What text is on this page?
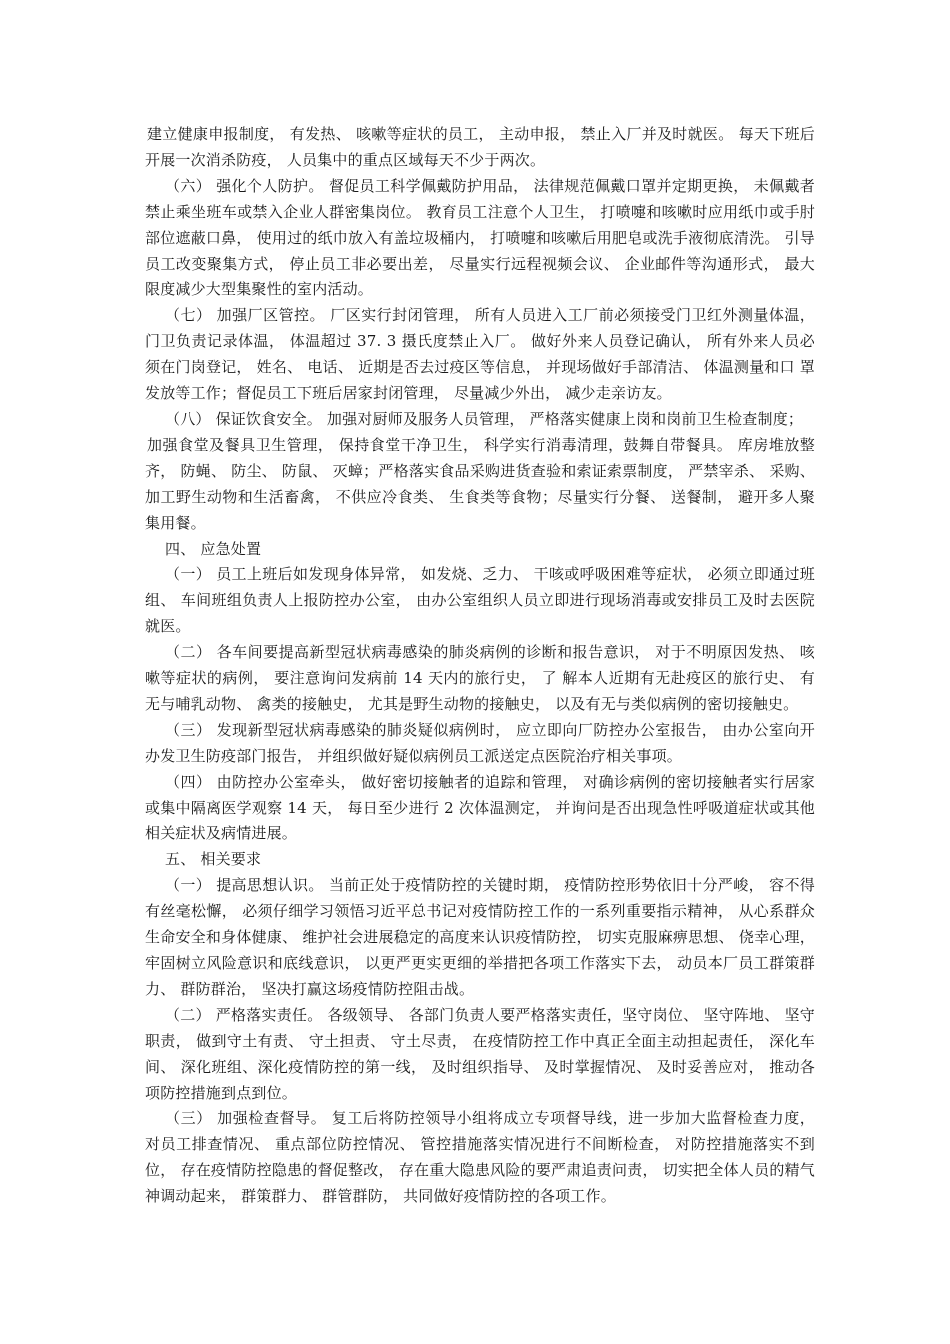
建立健康申报制度， 有发热、 咳嗽等症状的员工， 主动申报， 禁止入厂并及时就医。 每天下班后开展一次消杀防疫， 人员集中的重点区域每天不少于两次。

（六） 强化个人防护。 督促员工科学佩戴防护用品， 法律规范佩戴口罩并定期更换， 未佩戴者禁止乘坐班车或禁入企业人群密集岗位。 教育员工注意个人卫生， 打喷嚏和咳嗽时应用纸巾或手肘部位遮蔽口鼻， 使用过的纸巾放入有盖垃圾桶内， 打喷嚏和咳嗽后用肥皂或洗手液彻底清洗。 引导员工改变聚集方式， 停止员工非必要出差， 尽量实行远程视频会议、 企业邮件等沟通形式， 最大限度减少大型集聚性的室内活动。

（七） 加强厂区管控。 厂区实行封闭管理， 所有人员进入工厂前必须接受门卫红外测量体温， 门卫负责记录体温， 体温超过 37. 3 摄氏度禁止入厂。 做好外来人员登记确认， 所有外来人员必须在门岗登记， 姓名、 电话、 近期是否去过疫区等信息， 并现场做好手部清洁、 体温测量和口 罩发放等工作；督促员工下班后居家封闭管理， 尽量减少外出， 减少走亲访友。

（八） 保证饮食安全。 加强对厨师及服务人员管理， 严格落实健康上岗和岗前卫生检查制度；

加强食堂及餐具卫生管理， 保持食堂干净卫生， 科学实行消毒清理，鼓舞自带餐具。 库房堆放整齐， 防蝇、 防尘、 防鼠、 灭蟑；严格落实食品采购进货查验和索证索票制度， 严禁宰杀、 采购、 加工野生动物和生活畜禽， 不供应冷食类、 生食类等食物；尽量实行分餐、 送餐制， 避开多人聚集用餐。

四、 应急处置

（一） 员工上班后如发现身体异常， 如发烧、乏力、 干咳或呼吸困难等症状， 必须立即通过班组、 车间班组负责人上报防控办公室， 由办公室组织人员立即进行现场消毒或安排员工及时去医院就医。

（二） 各车间要提高新型冠状病毒感染的肺炎病例的诊断和报告意识， 对于不明原因发热、 咳嗽等症状的病例， 要注意询问发病前 14 天内的旅行史， 了 解本人近期有无赴疫区的旅行史、 有无与哺乳动物、 禽类的接触史， 尤其是野生动物的接触史， 以及有无与类似病例的密切接触史。

（三） 发现新型冠状病毒感染的肺炎疑似病例时， 应立即向厂防控办公室报告， 由办公室向开办发卫生防疫部门报告， 并组织做好疑似病例员工派送定点医院治疗相关事项。

（四） 由防控办公室牵头， 做好密切接触者的追踪和管理， 对确诊病例的密切接触者实行居家或集中隔离医学观察 14 天， 每日至少进行 2 次体温测定， 并询问是否出现急性呼吸道症状或其他相关症状及病情进展。

五、 相关要求

（一） 提高思想认识。 当前正处于疫情防控的关键时期， 疫情防控形势依旧十分严峻， 容不得有丝毫松懈， 必须仔细学习领悟习近平总书记对疫情防控工作的一系列重要指示精神， 从心系群众生命安全和身体健康、 维护社会进展稳定的高度来认识疫情防控， 切实克服麻痹思想、 侥幸心理， 牢固树立风险意识和底线意识， 以更严更实更细的举措把各项工作落实下去， 动员本厂员工群策群力、 群防群治， 坚决打赢这场疫情防控阻击战。

（二） 严格落实责任。 各级领导、 各部门负责人要严格落实责任，坚守岗位、 坚守阵地、 坚守职责， 做到守土有责、 守土担责、 守土尽责， 在疫情防控工作中真正全面主动担起责任， 深化车间、 深化班组、深化疫情防控的第一线， 及时组织指导、 及时掌握情况、 及时妥善应对， 推动各项防控措施到点到位。

（三） 加强检查督导。 复工后将防控领导小组将成立专项督导线，进一步加大监督检查力度， 对员工排查情况、 重点部位防控情况、 管控措施落实情况进行不间断检查， 对防控措施落实不到位， 存在疫情防控隐患的督促整改， 存在重大隐患风险的要严肃追责问责， 切实把全体人员的精气神调动起来， 群策群力、 群管群防， 共同做好疫情防控的各项工作。
